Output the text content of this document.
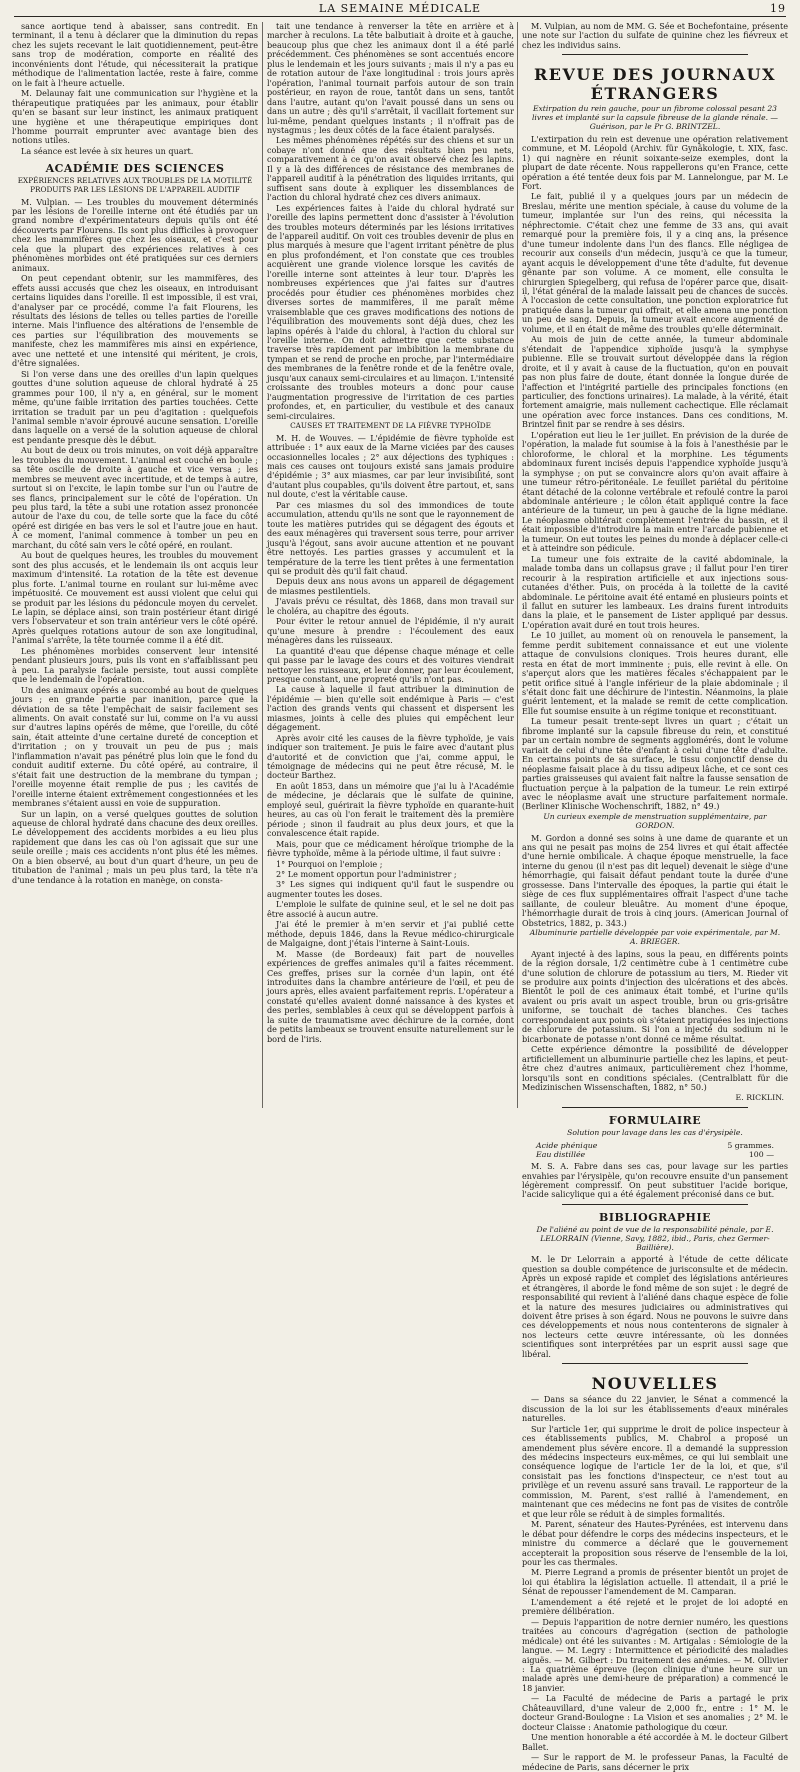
LA SEMAINE MÉDICALE	19

sance aortique tend à abaisser, sans contredit. En terminant, il a tenu à déclarer que la diminution du repas chez les sujets recevant le lait quotidiennement, peut-être sans trop de modération, comporte en réalité des inconvénients dont l'étude, qui nécessiterait la pratique méthodique de l'alimentation lactée, reste à faire, comme on le fait à l'heure actuelle.

M. Delaunay fait une communication sur l'hygiène et la thérapeutique pratiquées par les animaux, pour établir qu'en se basant sur leur instinct, les animaux pratiquent une hygiène et une thérapeutique empiriques dont l'homme pourrait emprunter avec avantage bien des notions utiles.

La séance est levée à six heures un quart.

ACADÉMIE DES SCIENCES
EXPÉRIENCES RELATIVES AUX TROUBLES DE LA MOTILITÉ PRODUITS PAR LES LÉSIONS DE L'APPAREIL AUDITIF

M. Vulpian. — Les troubles du mouvement déterminés par les lésions de l'oreille interne ont été étudiés par un grand nombre d'expérimentateurs depuis qu'ils ont été découverts par Flourens. Ils sont plus difficiles à provoquer chez les mammifères que chez les oiseaux, et c'est pour cela que la plupart des expériences relatives à ces phénomènes morbides ont été pratiquées sur ces derniers animaux.

On peut cependant obtenir, sur les mammifères, des effets aussi accusés que chez les oiseaux, en introduisant certains liquides dans l'oreille. Il est impossible, il est vrai, d'analyser par ce procédé, comme l'a fait Flourens, les résultats des lésions de telles ou telles parties de l'oreille interne. Mais l'influence des altérations de l'ensemble de ces parties sur l'équilibration des mouvements se manifeste, chez les mammifères mis ainsi en expérience, avec une netteté et une intensité qui méritent, je crois, d'être signalées.

Si l'on verse dans une des oreilles d'un lapin quelques gouttes d'une solution aqueuse de chloral hydraté à 25 grammes pour 100, il n'y a, en général, sur le moment même, qu'une faible irritation des parties touchées. Cette irritation se traduit par un peu d'agitation : quelquefois l'animal semble n'avoir éprouvé aucune sensation. L'oreille dans laquelle on a versé de la solution aqueuse de chloral est pendante presque dès le début.

Au bout de deux ou trois minutes, on voit déjà apparaître les troubles du mouvement. L'animal est couché en boule ; sa tête oscille de droite à gauche et vice versa ; les membres se meuvent avec incertitude, et de temps à autre, surtout si on l'excite, le lapin tombe sur l'un ou l'autre de ses flancs, principalement sur le côté de l'opération. Un peu plus tard, la tête a subi une rotation assez prononcée autour de l'axe du cou, de telle sorte que la face du côté opéré est dirigée en bas vers le sol et l'autre joue en haut. À ce moment, l'animal commence à tomber un peu en marchant, du côté sain vers le côté opéré, en roulant.

Au bout de quelques heures, les troubles du mouvement sont des plus accusés, et le lendemain ils ont acquis leur maximum d'intensité. La rotation de la tête est devenue plus forte. L'animal tourne en roulant sur lui-même avec impétuosité. Ce mouvement est aussi violent que celui qui se produit par les lésions du pédoncule moyen du cervelet. Le lapin, se déplace ainsi, son train postérieur étant dirigé vers l'observateur et son train antérieur vers le côté opéré. Après quelques rotations autour de son axe longitudinal, l'animal s'arrête, la tête tournée comme il a été dit.

Les phénomènes morbides conservent leur intensité pendant plusieurs jours, puis ils vont en s'affaiblissant peu à peu. La paralysie faciale persiste, tout aussi complète que le lendemain de l'opération.

Un des animaux opérés a succombé au bout de quelques jours ; en grande partie par inanition, parce que la déviation de sa tête l'empêchait de saisir facilement ses aliments. On avait constaté sur lui, comme on l'a vu aussi sur d'autres lapins opérés de même, que l'oreille, du côté sain, était atteinte d'une certaine dureté de conception et d'irritation ; on y trouvait un peu de pus ; mais l'inflammation n'avait pas pénétré plus loin que le fond du conduit auditif externe. Du côté opéré, au contraire, il s'était fait une destruction de la membrane du tympan ; l'oreille moyenne était remplie de pus ; les cavités de l'oreille interne étaient extrêmement congestionnées et les membranes s'étaient aussi en voie de suppuration.

Sur un lapin, on a versé quelques gouttes de solution aqueuse de chloral hydraté dans chacune des deux oreilles. Le développement des accidents morbides a eu lieu plus rapidement que dans les cas où l'on agissait que sur une seule oreille ; mais ces accidents n'ont plus été les mêmes. On a bien observé, au bout d'un quart d'heure, un peu de titubation de l'animal ; mais un peu plus tard, la tête n'a d'une tendance à la rotation en manège, on consta-

tait une tendance à renverser la tête en arrière et à marcher à reculons. La tête balbutiait à droite et à gauche, beaucoup plus que chez les animaux dont il a été parlé précédemment. Ces phénomènes se sont accentués encore plus le lendemain et les jours suivants ; mais il n'y a pas eu de rotation autour de l'axe longitudinal : trois jours après l'opération, l'animal tournait parfois autour de son train postérieur, en rayon de roue, tantôt dans un sens, tantôt dans l'autre, autant qu'on l'avait poussé dans un sens ou dans un autre ; dès qu'il s'arrêtait, il vacillait fortement sur lui-même, pendant quelques instants ; il n'offrait pas de nystagmus ; les deux côtés de la face étaient paralysés.

Les mêmes phénomènes répétés sur des chiens et sur un cobaye n'ont donné que des résultats bien peu nets, comparativement à ce qu'on avait observé chez les lapins. Il y a là des différences de résistance des membranes de l'appareil auditif à la pénétration des liquides irritants, qui suffisent sans doute à expliquer les dissemblances de l'action du chloral hydraté chez ces divers animaux.

Les expériences faites à l'aide du chloral hydraté sur l'oreille des lapins permettent donc d'assister à l'évolution des troubles moteurs déterminés par les lésions irritatives de l'appareil auditif. On voit ces troubles devenir de plus en plus marqués à mesure que l'agent irritant pénètre de plus en plus profondément, et l'on constate que ces troubles acquièrent une grande violence lorsque les cavités de l'oreille interne sont atteintes à leur tour. D'après les nombreuses expériences que j'ai faites sur d'autres procédés pour étudier ces phénomènes morbides chez diverses sortes de mammifères, il me paraît même vraisemblable que ces graves modifications des notions de l'équilibration des mouvements sont déjà dues, chez les lapins opérés à l'aide du chloral, à l'action du chloral sur l'oreille interne. On doit admettre que cette substance traverse très rapidement par imbibition la membrane du tympan et se rend de proche en proche, par l'intermédiaire des membranes de la fenêtre ronde et de la fenêtre ovale, jusqu'aux canaux semi-circulaires et au limaçon. L'intensité croissante des troubles moteurs a donc pour cause l'augmentation progressive de l'irritation de ces parties profondes, et, en particulier, du vestibule et des canaux semi-circulaires.

CAUSES ET TRAITEMENT DE LA FIÈVRE TYPHOÏDE

M. H. de Wouves. — L'épidémie de fièvre typhoïde est attribuée : 1° aux eaux de la Marne viciées par des causes occasionnelles locales ; 2° aux déjections des typhiques : mais ces causes ont toujours existé sans jamais produire d'épidémie ; 3° aux miasmes, car par leur invisibilité, sont d'autant plus coupables, qu'ils doivent être partout, et, sans nul doute, c'est la véritable cause.

Par ces miasmes du sol des immondices de toute accumulation, attendu qu'ils ne sont que le rayonnement de toute les matières putrides qui se dégagent des égouts et des eaux ménagères qui traversent sous terre, pour arriver jusqu'à l'égout, sans avoir aucune attention et ne pouvant être nettoyés. Les parties grasses y accumulent et la température de la terre les tient prêtes à une fermentation qui se produit dès qu'il fait chaud.

Depuis deux ans nous avons un appareil de dégagement de miasmes pestilentiels.

J'avais prévu ce résultat, dès 1868, dans mon travail sur le choléra, au chapitre des égouts.

Pour éviter le retour annuel de l'épidémie, il n'y aurait qu'une mesure à prendre : l'écoulement des eaux ménagères dans les ruisseaux.

La quantité d'eau que dépense chaque ménage et celle qui passe par le lavage des cours et des voitures viendrait nettoyer les ruisseaux, et leur donner, par leur écoulement, presque constant, une propreté qu'ils n'ont pas.

La cause à laquelle il faut attribuer la diminution de l'épidémie — bien qu'elle soit endémique à Paris — c'est l'action des grands vents qui chassent et dispersent les miasmes, joints à celle des pluies qui empêchent leur dégagement.

Après avoir cité les causes de la fièvre typhoïde, je vais indiquer son traitement. Je puis le faire avec d'autant plus d'autorité et de conviction que j'ai, comme appui, le témoignage de médecins qui ne peut être récusé, M. le docteur Barthez.

En août 1853, dans un mémoire que j'ai lu à l'Académie de médecine, je déclarais que le sulfate de quinine, employé seul, guérirait la fièvre typhoïde en quarante-huit heures, au cas où l'on ferait le traitement dès la première période ; sinon il faudrait au plus deux jours, et que la convalescence était rapide.

Mais, pour que ce médicament héroïque triomphe de la fièvre typhoïde, même à la période ultime, il faut suivre :

1° Pourquoi on l'emploie ;

2° Le moment opportun pour l'administrer ;

3° Les signes qui indiquent qu'il faut le suspendre ou augmenter toutes les doses.

L'emploie le sulfate de quinine seul, et le sel ne doit pas être associé à aucun autre.

J'ai été le premier à m'en servir et j'ai publié cette méthode, depuis 1846, dans la Revue médico-chirurgicale de Malgaigne, dont j'étais l'interne à Saint-Louis.

M. Masse (de Bordeaux) fait part de nouvelles expériences de greffes animales qu'il a faites récemment. Ces greffes, prises sur la cornée d'un lapin, ont été introduites dans la chambre antérieure de l'œil, et peu de jours après, elles avaient parfaitement repris. L'opérateur a constaté qu'elles avaient donné naissance à des kystes et des perles, semblables à ceux qui se développent parfois à la suite de traumatisme avec déchirure de la cornée, dont de petits lambeaux se trouvent ensuite naturellement sur le bord de l'iris.

M. Vulpian, au nom de MM. G. Sée et Bochefontaine, présente une note sur l'action du sulfate de quinine chez les fiévreux et chez les individus sains.

REVUE DES JOURNAUX ÉTRANGERS
Extirpation du rein gauche, pour un fibrome colossal pesant 23 livres et implanté sur la capsule fibreuse de la glande rénale. — Guérison, par le Pr G. BRINTZEL.

L'extirpation du rein est devenue une opération relativement commune, et M. Léopold (Archiv. für Gynäkologie, t. XIX, fasc. 1) qui nagnère en réunit soixante-seize exemples, dont la plupart de date récente. Nous rappellerons qu'en France, cette opération a été tentée deux fois par M. Lannelongue, par M. Le Fort.

Le fait, publié il y a quelques jours par un médecin de Breslau, mérite une mention spéciale, à cause du volume de la tumeur, implantée sur l'un des reins, qui nécessita la néphrectomie. C'était chez une femme de 33 ans, qui avait remarqué pour la première fois, il y a cinq ans, la présence d'une tumeur indolente dans l'un des flancs. Elle négligea de recourir aux conseils d'un médecin, jusqu'à ce que la tumeur, ayant acquis le développement d'une tête d'adulte, fut devenue gênante par son volume. A ce moment, elle consulta le chirurgien Spiegelberg, qui refusa de l'opérer parce que, disait-il, l'état général de la malade laissait peu de chances de succès. À l'occasion de cette consultation, une ponction exploratrice fut pratiquée dans la tumeur qui offrait, et elle amena une ponction un peu de sang. Depuis, la tumeur avait encore augmenté de volume, et il en était de même des troubles qu'elle déterminait.

Au mois de juin de cette année, la tumeur abdominale s'étendait de l'appendice xiphoïde jusqu'à la symphyse pubienne. Elle se trouvait surtout développée dans la région droite, et il y avait à cause de la fluctuation, qu'on en pouvait pas non plus faire de doute, étant donnée la longue durée de l'affection et l'intégrité partielle des principales fonctions (en particulier, des fonctions urinaires). La malade, à la vérité, était fortement amaigrie, mais nullement cachectique. Elle réclamait une opération avec force instances. Dans ces conditions, M. Brintzel finit par se rendre à ses désirs.

L'opération eut lieu le 1er juillet. En prévision de la durée de l'opération, la malade fut soumise à la fois à l'anesthésie par le chloroforme, le chloral et la morphine. Les téguments abdominaux furent incisés depuis l'appendice xyphoïde jusqu'à la symphyse ; on put se convaincre alors qu'on avait affaire à une tumeur rétro-péritonéale. Le feuillet pariétal du péritoine étant détaché de la colonne vertébrale et refoulé contre la paroi abdominale antérieure ; le côlon était appliqué contre la face antérieure de la tumeur, un peu à gauche de la ligne médiane. Le néoplasme oblitérait complètement l'entrée du bassin, et il était impossible d'introduire la main entre l'arcade pubienne et la tumeur. On eut toutes les peines du monde à déplacer celle-ci et à atteindre son pédicule.

La tumeur une fois extraite de la cavité abdominale, la malade tomba dans un collapsus grave ; il fallut pour l'en tirer recourir à la respiration artificielle et aux injections sous-cutanées d'éther. Puis, on procéda à la toilette de la cavité abdominale. Le péritoine avait été entamé en plusieurs points et il fallut en suturer les lambeaux. Les drains furent introduits dans la plaie, et le pansement de Lister appliqué par dessus. L'opération avait duré en tout trois heures.

Le 10 juillet, au moment où on renouvela le pansement, la femme perdit subitement connaissance et eut une violente attaque de convulsions cloniques. Trois heures durant, elle resta en état de mort imminente ; puis, elle revint à elle. On s'aperçut alors que les matières fécales s'échappaient par le petit orifice situé à l'angle inférieur de la plaie abdominale ; il s'était donc fait une déchirure de l'intestin. Néanmoins, la plaie guérit lentement, et la malade se remit de cette complication. Elle fut soumise ensuite à un régime tonique et reconstituant.

La tumeur pesait trente-sept livres un quart ; c'était un fibrome implanté sur la capsule fibreuse du rein, et constitué par un certain nombre de segments agglomérés, dont le volume variait de celui d'une tête d'enfant à celui d'une tête d'adulte. En certains points de sa surface, le tissu conjonctif dense du néoplasme faisait place à du tissu adipeux lâche, et ce sont ces parties graisseuses qui avaient fait naître la fausse sensation de fluctuation perçue à la palpation de la tumeur. Le rein extirpé avec le néoplasme avait une structure parfaitement normale. (Berliner Klinische Wochenschrift, 1882, n° 49.)

Un curieux exemple de menstruation supplémentaire, par GORDON.

M. Gordon a donné ses soins à une dame de quarante et un ans qui ne pesait pas moins de 254 livres et qui était affectée d'une hernie ombilicale. À chaque époque menstruelle, la face interne du genou (il n'est pas dit lequel) devenait le siège d'une hémorrhagie, qui faisait défaut pendant toute la durée d'une grossesse. Dans l'intervalle des époques, la partie qui était le siège de ces flux supplémentaires offrait l'aspect d'une tache saillante, de couleur bleuâtre. Au moment d'une époque, l'hémorrhagie durait de trois à cinq jours. (American Journal of Obstetrics, 1882, p. 343.)

Albuminurie partielle développée par voie expérimentale, par M. A. BRIEGER.

Ayant injecté à des lapins, sous la peau, en différents points de la région dorsale, 1/2 centimètre cube à 1 centimètre cube d'une solution de chlorure de potassium au tiers, M. Rieder vit se produire aux points d'injection des ulcérations et des abcès. Bientôt le poil de ces animaux était tombé, et l'urine qu'ils avaient ou pris avait un aspect trouble, brun ou gris-grisâtre uniforme, se touchait de taches blanches. Ces taches correspondaient aux points où s'étaient pratiquées les injections de chlorure de potassium. Si l'on a injecté du sodium ni le bicarbonate de potasse n'ont donné ce même résultat.

Cette expérience démontre la possibilité de développer artificiellement un albuminurie partielle chez les lapins, et peut-être chez d'autres animaux, particulièrement chez l'homme, lorsqu'ils sont en conditions spéciales. (Centralblatt für die Medizinischen Wissenschaften, 1882, n° 50.)

E. RICKLIN.
FORMULAIRE
Solution pour lavage dans les cas d'érysipèle.
Acide phénique	5 grammes.
Eau distillée	100 —

M. S. A. Fabre dans ses cas, pour lavage sur les parties envahies par l'érysipèle, qu'on recouvre ensuite d'un pansement légèrement compressif. On peut substituer l'acide borique, l'acide salicylique qui a été également préconisé dans ce but.

BIBLIOGRAPHIE
De l'aliéné au point de vue de la responsabilité pénale, par E. LELORRAIN (Vienne, Savy, 1882, ibid., Paris, chez Germer-Baillière).

M. le Dr Lelorrain a apporté à l'étude de cette délicate question sa double compétence de jurisconsulte et de médecin. Après un exposé rapide et complet des législations antérieures et étrangères, il aborde le fond même de son sujet : le degré de responsabilité qui revient à l'aliéné dans chaque espèce de folie et la nature des mesures judiciaires ou administratives qui doivent être prises à son égard. Nous ne pouvons le suivre dans ces développements et nous nous contenterons de signaler à nos lecteurs cette œuvre intéressante, où les données scientifiques sont interprétées par un esprit aussi sage que libéral.

NOUVELLES

— Dans sa séance du 22 janvier, le Sénat a commencé la discussion de la loi sur les établissements d'eaux minérales naturelles.

Sur l'article 1er, qui supprime le droit de police inspecteur à ces établissements publics, M. Chabrol a proposé un amendement plus sévère encore. Il a demandé la suppression des médecins inspecteurs eux-mêmes, ce qui lui semblait une conséquence logique de l'article 1er de la loi, et que, s'il consistait pas les fonctions d'inspecteur, ce n'est tout au privilège et un revenu assuré sans travail. Le rapporteur de la commission, M. Parent, s'est rallié à l'amendement, en maintenant que ces médecins ne font pas de visites de contrôle et que leur rôle se réduit à de simples formalités.

M. Parent, sénateur des Hautes-Pyrénées, est intervenu dans le débat pour défendre le corps des médecins inspecteurs, et le ministre du commerce a déclaré que le gouvernement accepterait la proposition sous réserve de l'ensemble de la loi, pour les cas thermales.

M. Pierre Legrand a promis de présenter bientôt un projet de loi qui établira la législation actuelle. Il attendait, il a prié le Sénat de repousser l'amendement de M. Camparan.

L'amendement a été rejeté et le projet de loi adopté en première délibération.

— Depuis l'apparition de notre dernier numéro, les questions traitées au concours d'agrégation (section de pathologie médicale) ont été les suivantes : M. Artigalas : Sémiologie de la langue. — M. Legry : Intermittence et périodicité des maladies aiguës. — M. Gilbert : Du traitement des anémies. — M. Ollivier : La quatrième épreuve (leçon clinique d'une heure sur un malade après une demi-heure de préparation) a commencé le 18 janvier.

— La Faculté de médecine de Paris a partagé le prix Châteauvillard, d'une valeur de 2,000 fr., entre : 1° M. le docteur Grand-Boulogne : La Vision et ses anomalies ; 2° M. le docteur Claisse : Anatomie pathologique du cœur.

Une mention honorable a été accordée à M. le docteur Gilbert Ballet.

— Sur le rapport de M. le professeur Panas, la Faculté de médecine de Paris, sans décerner le prix
